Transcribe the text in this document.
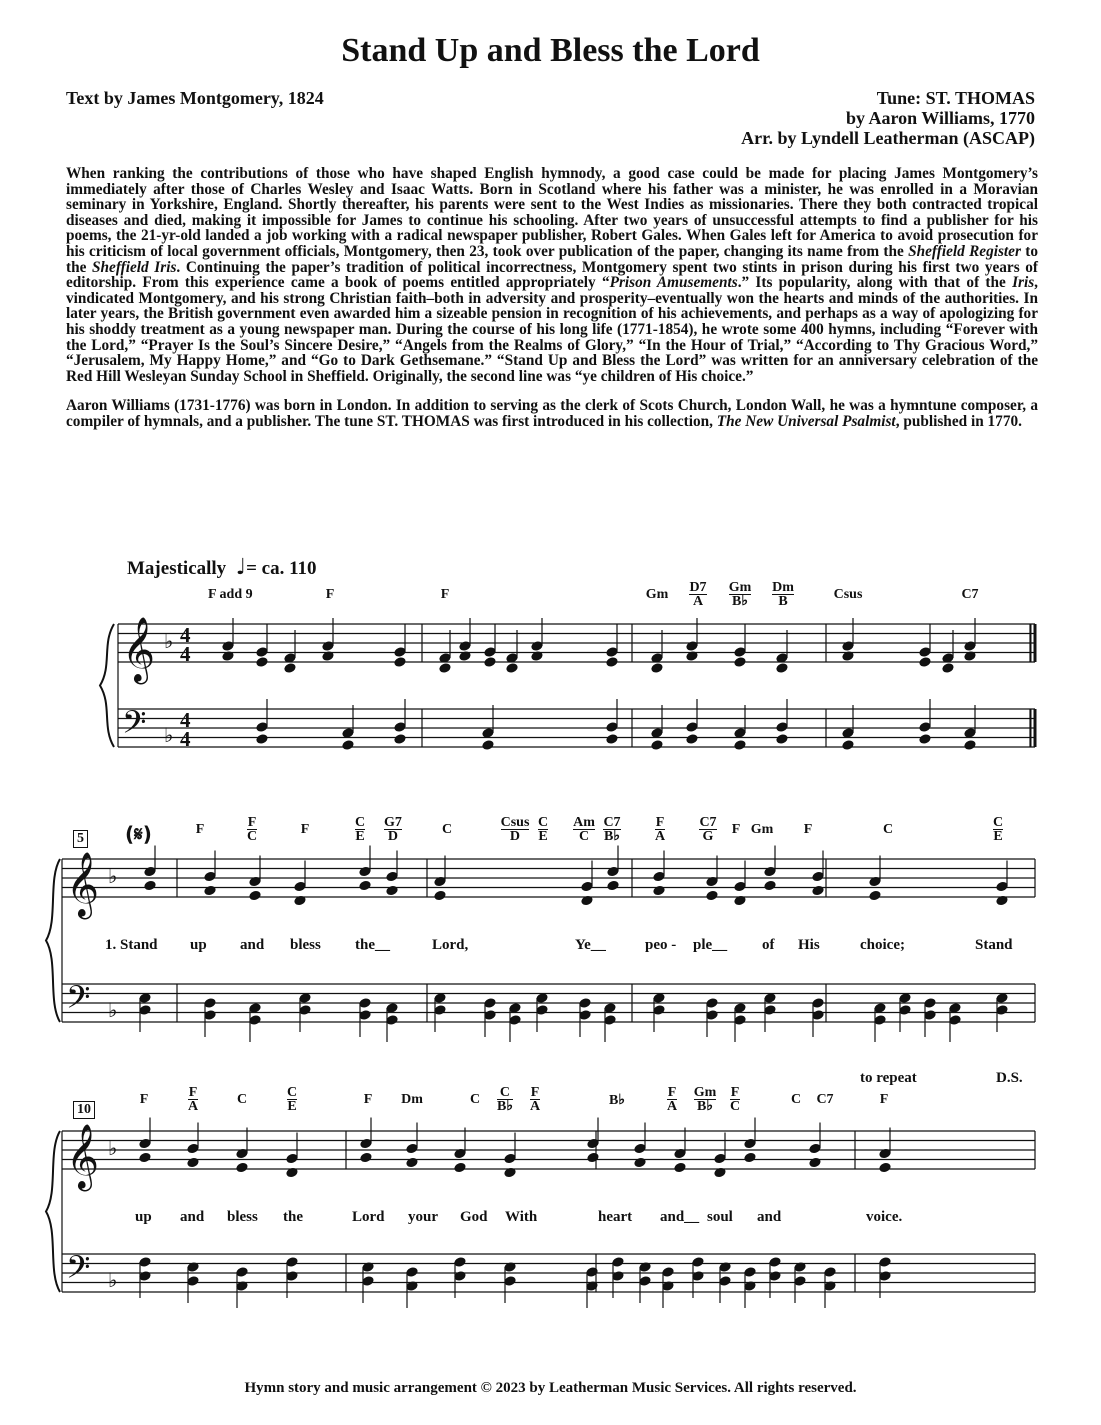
Stand Up and Bless the Lord
Text by James Montgomery, 1824	Tune: ST. THOMAS
by Aaron Williams, 1770
Arr. by Lyndell Leatherman (ASCAP)

When ranking the contributions of those who have shaped English hymnody, a good case could be made for placing James Montgomery’s immediately after those of Charles Wesley and Isaac Watts. Born in Scotland where his father was a minister, he was enrolled in a Moravian seminary in Yorkshire, England. Shortly thereafter, his parents were sent to the West Indies as missionaries. There they both contracted tropical diseases and died, making it impossible for James to continue his schooling. After two years of unsuccessful attempts to find a publisher for his poems, the 21-yr-old landed a job working with a radical newspaper publisher, Robert Gales. When Gales left for America to avoid prosecution for his criticism of local government officials, Montgomery, then 23, took over publication of the paper, changing its name from the Sheffield Register to the Sheffield Iris. Continuing the paper’s tradition of political incorrectness, Montgomery spent two stints in prison during his first two years of editorship. From this experience came a book of poems entitled appropriately “Prison Amusements.” Its popularity, along with that of the Iris, vindicated Montgomery, and his strong Christian faith–both in adversity and prosperity–eventually won the hearts and minds of the authorities. In later years, the British government even awarded him a sizeable pension in recognition of his achievements, and perhaps as a way of apologizing for his shoddy treatment as a young newspaper man. During the course of his long life (1771-1854), he wrote some 400 hymns, including “Forever with the Lord,” “Prayer Is the Soul’s Sincere Desire,” “Angels from the Realms of Glory,” “In the Hour of Trial,” “According to Thy Gracious Word,” “Jerusalem, My Happy Home,” and “Go to Dark Gethsemane.” “Stand Up and Bless the Lord” was written for an anniversary celebration of the Red Hill Wesleyan Sunday School in Sheffield. Originally, the second line was “ye children of His choice.”

Aaron Williams (1731-1776) was born in London. In addition to serving as the clerk of Scots Church, London Wall, he was a hymntune composer, a compiler of hymnals, and a publisher. The tune ST. THOMAS was first introduced in his collection, The New Universal Psalmist, published in 1770.

Majestically ♩= ca. 110
𝄞
𝄢
♭
♭
4
4
4
4
𝄞
𝄢
♭
♭
𝄞
𝄢
♭
♭
F add 9	F	F	Gm	$\frac{D7}{A} \frac{Gm}{B♭} \frac{Dm}{B}$	Csus	C7
F	$\frac{F}{C}$	F	$\frac{C}{E} \frac{G7}{D}$	C	$\frac{\text{Csus}}{D} \frac{C}{E} \frac{Am}{C} \frac{C7}{B♭} \frac{F}{A} \frac{C7}{G}$	F Gm	F	C	$\frac{C}{E}$
F	$\frac{F}{A}$	C	$\frac{C}{E}$	F	Dm	C	$\frac{C}{B♭} \frac{F}{A}$	B♭	$\frac{F}{A} \frac{Gm}{B♭} \frac{F}{C}$	C	C7	F
1. Stand up and bless the__	Lord,	Ye__	peo - ple__ of His	choice;	Stand
up and bless the	Lord your God With	heart and__ soul and	voice.
5 (𝄋)
10
to repeat	D.S.
Hymn story and music arrangement © 2023 by Leatherman Music Services. All rights reserved.
